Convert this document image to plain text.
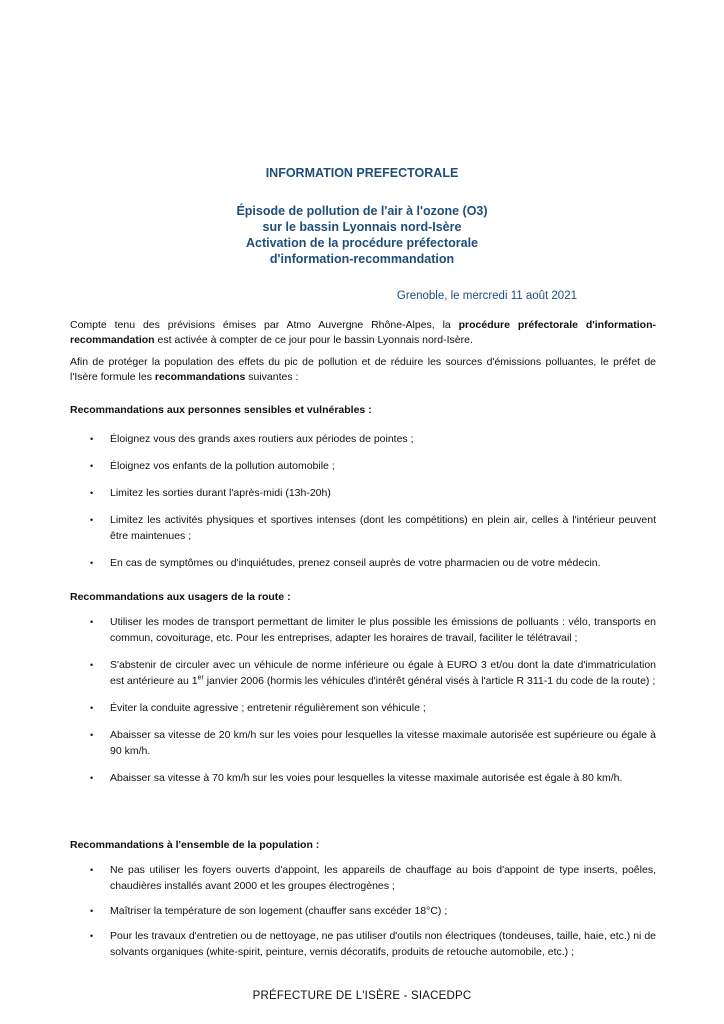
INFORMATION PREFECTORALE
Épisode de pollution de l'air à l'ozone (O3)
sur le bassin Lyonnais nord-Isère
Activation de la procédure préfectorale
d'information-recommandation
Grenoble, le mercredi 11 août 2021
Compte tenu des prévisions émises par Atmo Auvergne Rhône-Alpes, la procédure préfectorale d'information-recommandation est activée à compter de ce jour pour le bassin Lyonnais nord-Isère.
Afin de protéger la population des effets du pic de pollution et de réduire les sources d'émissions polluantes, le préfet de l'Isère formule les recommandations suivantes :
Recommandations aux personnes sensibles et vulnérables :
• Éloignez vous des grands axes routiers aux périodes de pointes ;
• Éloignez vos enfants de la pollution automobile ;
• Limitez les sorties durant l'après-midi (13h-20h)
• Limitez les activités physiques et sportives intenses (dont les compétitions) en plein air, celles à l'intérieur peuvent être maintenues ;
• En cas de symptômes ou d'inquiétudes, prenez conseil auprès de votre pharmacien ou de votre médecin.
Recommandations aux usagers de la route :
• Utiliser les modes de transport permettant de limiter le plus possible les émissions de polluants : vélo, transports en commun, covoiturage, etc. Pour les entreprises, adapter les horaires de travail, faciliter le télétravail ;
• S'abstenir de circuler avec un véhicule de norme inférieure ou égale à EURO 3 et/ou dont la date d'immatriculation est antérieure au 1er janvier 2006 (hormis les véhicules d'intérêt général visés à l'article R 311-1 du code de la route) ;
• Éviter la conduite agressive ; entretenir régulièrement son véhicule ;
• Abaisser sa vitesse de 20 km/h sur les voies pour lesquelles la vitesse maximale autorisée est supérieure ou égale à 90 km/h.
• Abaisser sa vitesse à 70 km/h sur les voies pour lesquelles la vitesse maximale autorisée est égale à 80 km/h.
Recommandations à l'ensemble de la population :
• Ne pas utiliser les foyers ouverts d'appoint, les appareils de chauffage au bois d'appoint de type inserts, poêles, chaudières installés avant 2000 et les groupes électrogènes ;
• Maîtriser la température de son logement (chauffer sans excéder 18°C) ;
• Pour les travaux d'entretien ou de nettoyage, ne pas utiliser d'outils non électriques (tondeuses, taille, haie, etc.) ni de solvants organiques (white-spirit, peinture, vernis décoratifs, produits de retouche automobile, etc.) ;
PRÉFECTURE DE L'ISÈRE - SIACEDPC
